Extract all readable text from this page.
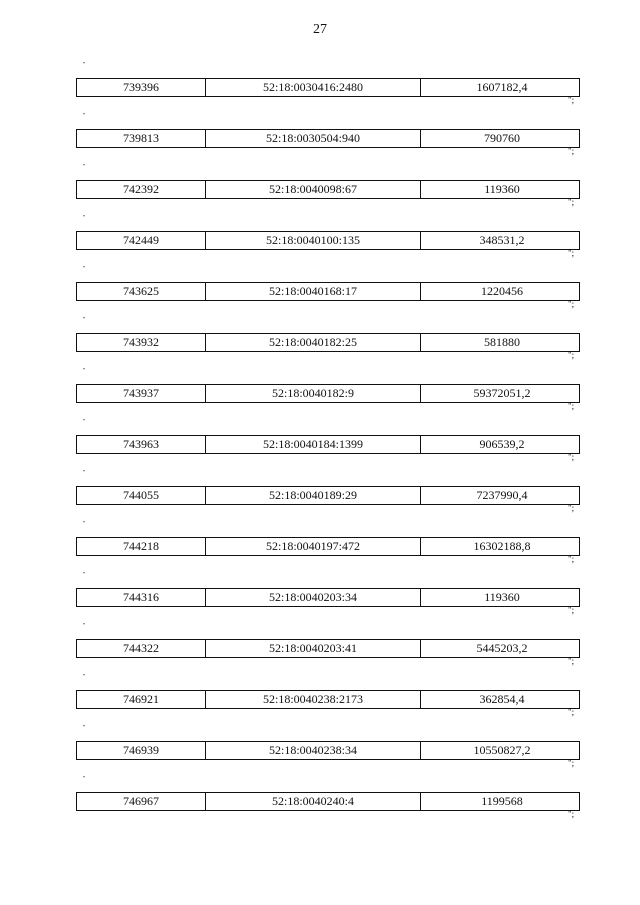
27
"
739396	52:18:0030416:2480	1607182,4
";
"
739813	52:18:0030504:940	790760
";
"
742392	52:18:0040098:67	119360
";
"
742449	52:18:0040100:135	348531,2
";
"
743625	52:18:0040168:17	1220456
";
"
743932	52:18:0040182:25	581880
";
"
743937	52:18:0040182:9	59372051,2
";
"
743963	52:18:0040184:1399	906539,2
";
"
744055	52:18:0040189:29	7237990,4
";
"
744218	52:18:0040197:472	16302188,8
";
"
744316	52:18:0040203:34	119360
";
"
744322	52:18:0040203:41	5445203,2
";
"
746921	52:18:0040238:2173	362854,4
";
"
746939	52:18:0040238:34	10550827,2
";
"
746967	52:18:0040240:4	1199568
";
